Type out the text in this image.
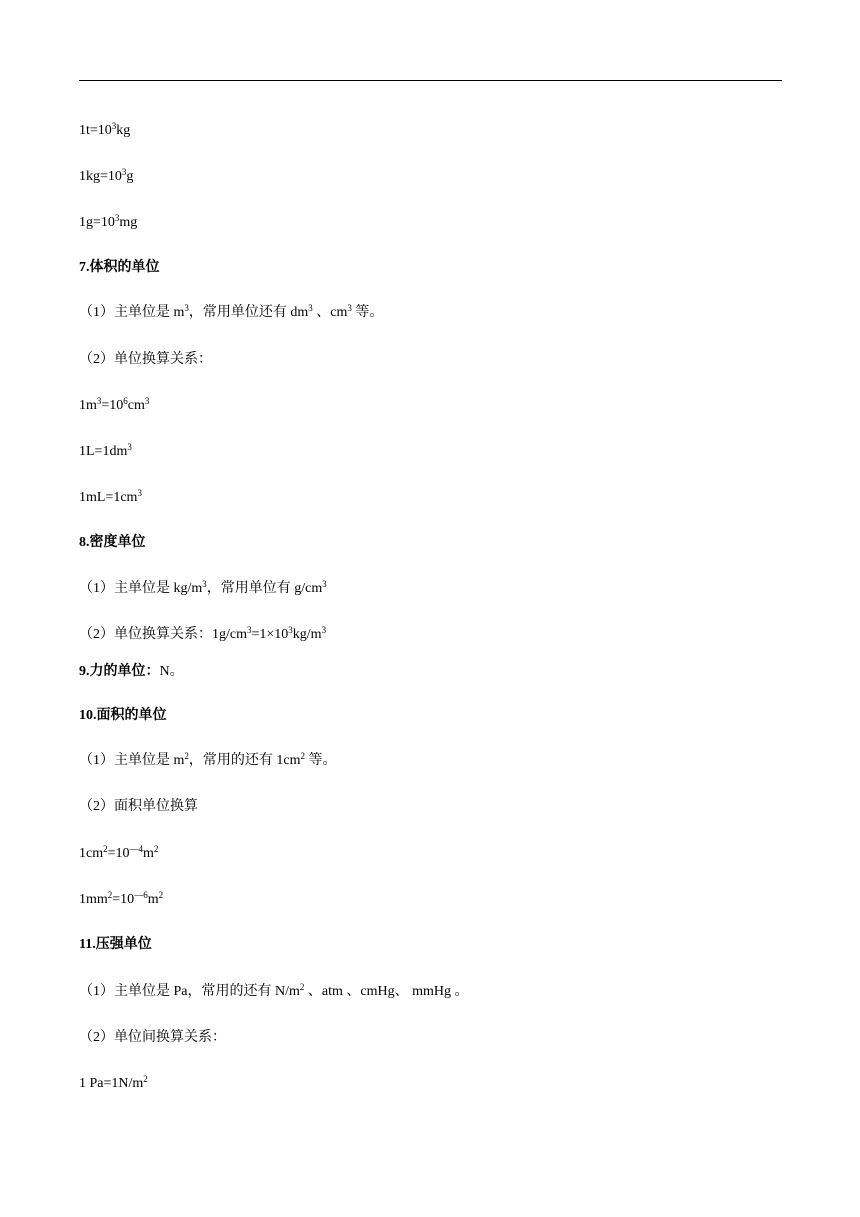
$1t=10^3kg$
$1kg=10^3g$
$1g=10^3mg$
7.体积的单位
（1）主单位是 $m^3$，常用单位还有 $dm^3$ 、$cm^3$ 等。
（2）单位换算关系：
$1m^3=10^6cm^3$
$1L=1dm^3$
$1mL=1cm^3$
8.密度单位
（1）主单位是 $kg/m^3$，常用单位有 $g/cm^3$
（2）单位换算关系：$1g/cm^3=1\times 10^3kg/m^3$
9.力的单位：N。
10.面积的单位
（1）主单位是 $m^2$，常用的还有 $1cm^2$ 等。
（2）面积单位换算
$1cm^2=10^{—4}m^2$
$1mm^2=10^{—6}m^2$
11.压强单位
（1）主单位是 Pa，常用的还有 $N/m^2$ 、atm 、cmHg、 mmHg 。
（2）单位间换算关系：
1 $Pa=1N/m^2$
